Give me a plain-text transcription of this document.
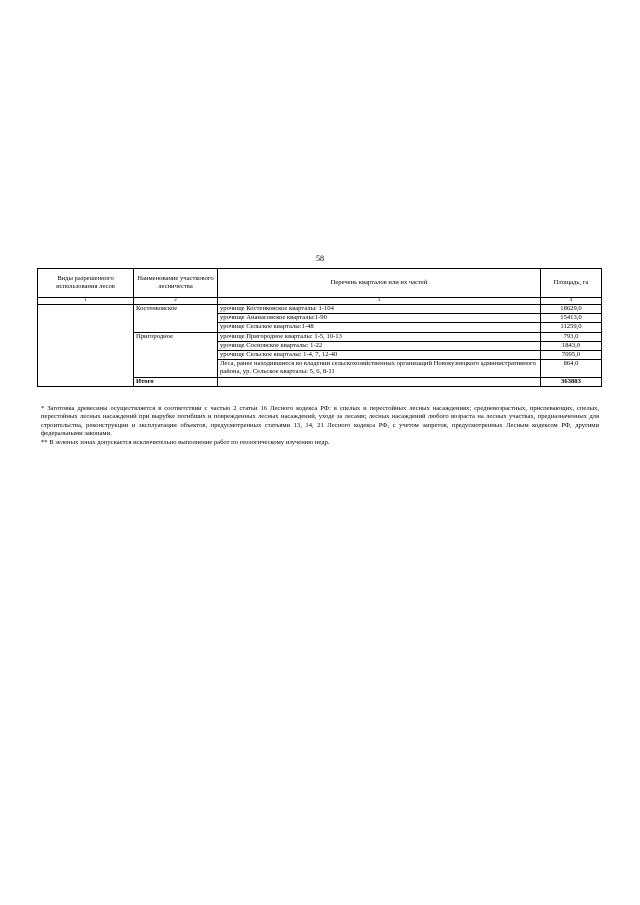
58
Виды разрешенного использования лесов	Наименование участкового лесничества	Перечень кварталов или их частей	Площадь, га
1	2	3	4
	Костенковское	урочище Костенковское кварталы: 1-104	18629,0
		урочище Ананасовское кварталы:1-90	15413,0
		урочище Сельское кварталы:1-48	11259,0
	Пригородное	урочище Пригородное кварталы: 1-5, 10-13	793,0
		урочище Сосновское кварталы: 1-22	1843,0
		урочище Сельское кварталы: 1-4, 7, 12-40	7095,0
		Леса, ранее находившиеся во владении сельскохозяйственных организаций Новокузнецкого административного района, ур. Сельское кварталы: 5, 6, 8-11	864,0
	Итого		363883

* Заготовка древесины осуществляется в соответствии с частью 2 статьи 16 Лесного кодекса РФ: в спелых и перестойных лесных насаждениях; средневозрастных, приспевающих, спелых, перестойных лесных насаждений при вырубке погибших и поврежденных лесных насаждений, уходе за лесами; лесных насаждений любого возраста на лесных участках, предназначенных для строительства, реконструкции и эксплуатации объектов, предусмотренных статьями 13, 14, 21 Лесного кодекса РФ, с учетом запретов, предусмотренных Лесным кодексом РФ, другими федеральными законами.

** В зеленых зонах допускается исключительно выполнение работ по геологическому изучению недр.
